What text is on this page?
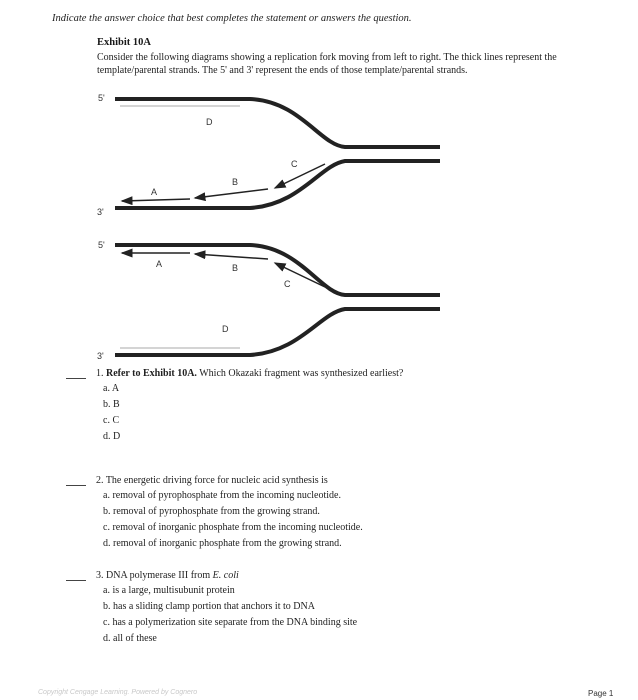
Indicate the answer choice that best completes the statement or answers the question.
Exhibit 10A
Consider the following diagrams showing a replication fork moving from left to right. The thick lines represent the template/parental strands. The 5' and 3' represent the ends of those template/parental strands.
5'
3'
A
B
C
D
5'
3'
A	B
C
D
1. Refer to Exhibit 10A. Which Okazaki fragment was synthesized earliest?
a. A
b. B
c. C
d. D
2. The energetic driving force for nucleic acid synthesis is
a. removal of pyrophosphate from the incoming nucleotide.
b. removal of pyrophosphate from the growing strand.
c. removal of inorganic phosphate from the incoming nucleotide.
d. removal of inorganic phosphate from the growing strand.
3. DNA polymerase III from E. coli
a. is a large, multisubunit protein
b. has a sliding clamp portion that anchors it to DNA
c. has a polymerization site separate from the DNA binding site
d. all of these
Copyright Cengage Learning. Powered by Cognero	Page 1
